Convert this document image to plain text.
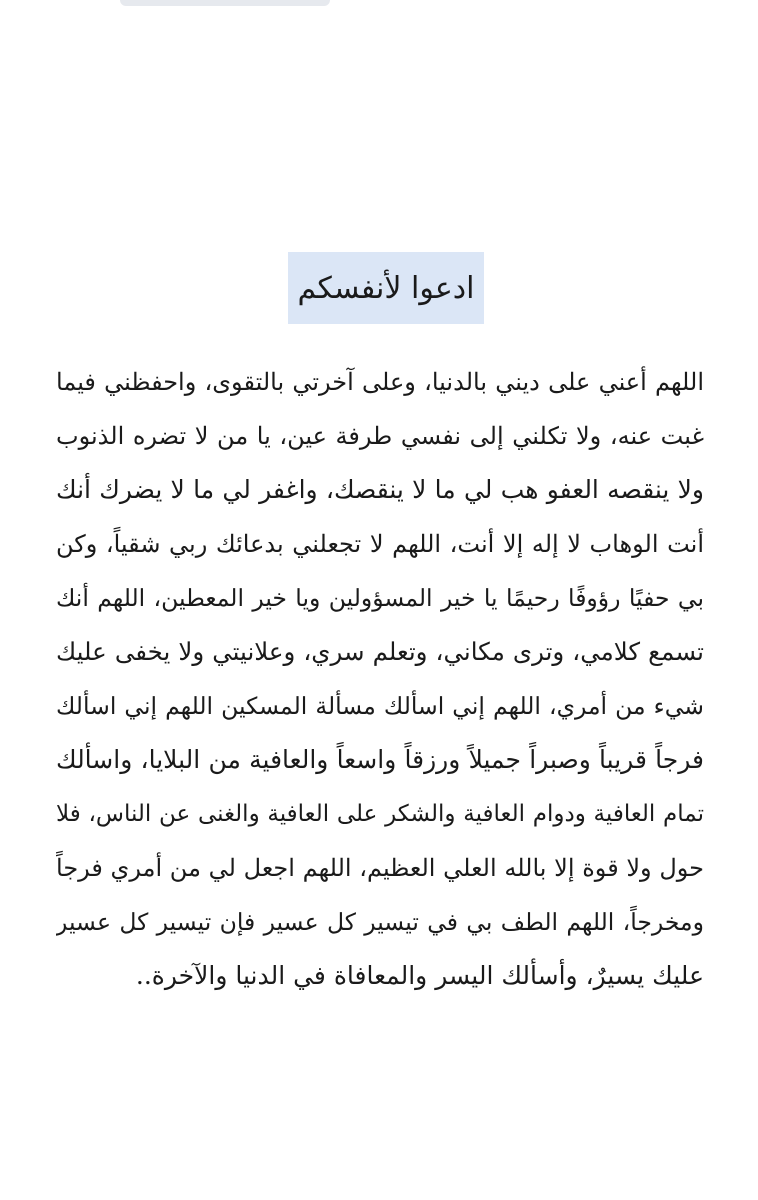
ادعوا لأنفسكم
اللهم أعني على ديني بالدنيا، وعلى آخرتي بالتقوى، واحفظني فيما
غبت عنه، ولا تكلني إلى نفسي طرفة عين، يا من لا تضره الذنوب
ولا ينقصه العفو هب لي ما لا ينقصك، واغفر لي ما لا يضرك أنك
أنت الوهاب لا إله إلا أنت، اللهم لا تجعلني بدعائك ربي شقياً، وكن
بي حفيًا رؤوفًا رحيمًا يا خير المسؤولين ويا خير المعطين، اللهم أنك
تسمع كلامي، وترى مكاني، وتعلم سري، وعلانيتي ولا يخفى عليك
شيء من أمري، اللهم إني اسألك مسألة المسكين اللهم إني اسألك
فرجاً قريباً وصبراً جميلاً ورزقاً واسعاً والعافية من البلايا، واسألك
تمام العافية ودوام العافية والشكر على العافية والغنى عن الناس، فلا
حول ولا قوة إلا بالله العلي العظيم، اللهم اجعل لي من أمري فرجاً
ومخرجاً، اللهم الطف بي في تيسير كل عسير فإن تيسير كل عسير
عليك يسيرٌ، وأسألك اليسر والمعافاة في الدنيا والآخرة..
